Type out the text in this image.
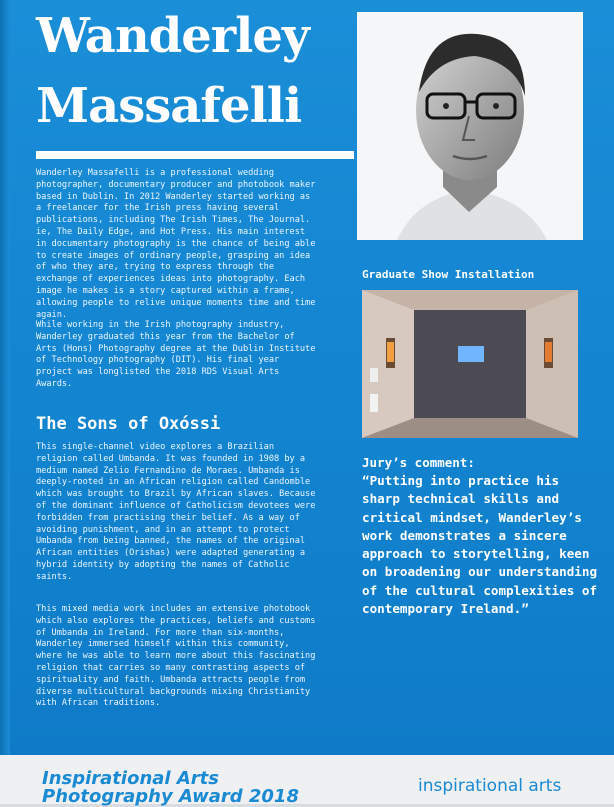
Wanderley
Massafelli

Wanderley Massafelli is a professional wedding photographer, documentary producer and photobook maker based in Dublin. In 2012 Wanderley started working as a freelancer for the Irish press having several publications, including The Irish Times, The Journal. ie, The Daily Edge, and Hot Press. His main interest in documentary photography is the chance of being able to create images of ordinary people, grasping an idea of who they are, trying to express through the exchange of experiences ideas into photography. Each image he makes is a story captured within a frame, allowing people to relive unique moments time and time again.

While working in the Irish photography industry, Wanderley graduated this year from the Bachelor of Arts (Hons) Photography degree at the Dublin Institute of Technology photography (DIT). His final year project was longlisted the 2018 RDS Visual Arts Awards.

The Sons of Oxóssi

This single-channel video explores a Brazilian religion called Umbanda. It was founded in 1908 by a medium named Zelio Fernandino de Moraes. Umbanda is deeply-rooted in an African religion called Candomble which was brought to Brazil by African slaves. Because of the dominant influence of Catholicism devotees were forbidden from practising their belief. As a way of avoiding punishment, and in an attempt to protect Umbanda from being banned, the names of the original African entities (Orishas) were adapted generating a hybrid identity by adopting the names of Catholic saints.

This mixed media work includes an extensive photobook which also explores the practices, beliefs and customs of Umbanda in Ireland. For more than six-months, Wanderley immersed himself within this community, where he was able to learn more about this fascinating religion that carries so many contrasting aspects of spirituality and faith. Umbanda attracts people from diverse multicultural backgrounds mixing Christianity with African traditions.

Graduate Show Installation

Jury’s comment:

“Putting into practice his sharp technical skills and critical mindset, Wanderley’s work demonstrates a sincere approach to storytelling, keen on broadening our understanding of the cultural complexities of contemporary Ireland.”

Inspirational Arts

Photography Award 2018	inspirational arts
